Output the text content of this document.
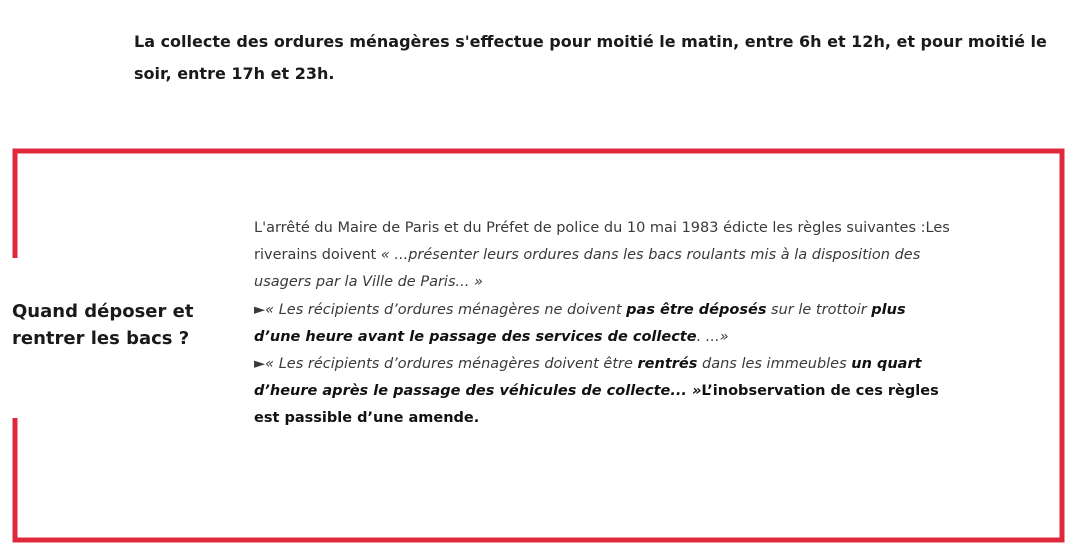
La collecte des ordures ménagères s'effectue pour moitié le matin, entre 6h et 12h, et pour moitié le soir, entre 17h et 23h.

Quand déposer et rentrer les bacs ?

L'arrêté du Maire de Paris et du Préfet de police du 10 mai 1983 édicte les règles suivantes :Les riverains doivent « ...présenter leurs ordures dans les bacs roulants mis à la disposition des usagers par la Ville de Paris... »
►« Les récipients d’ordures ménagères ne doivent pas être déposés sur le trottoir plus d’une heure avant le passage des services de collecte. ...»
►« Les récipients d’ordures ménagères doivent être rentrés dans les immeubles un quart d’heure après le passage des véhicules de collecte... »L’inobservation de ces règles est passible d’une amende.
